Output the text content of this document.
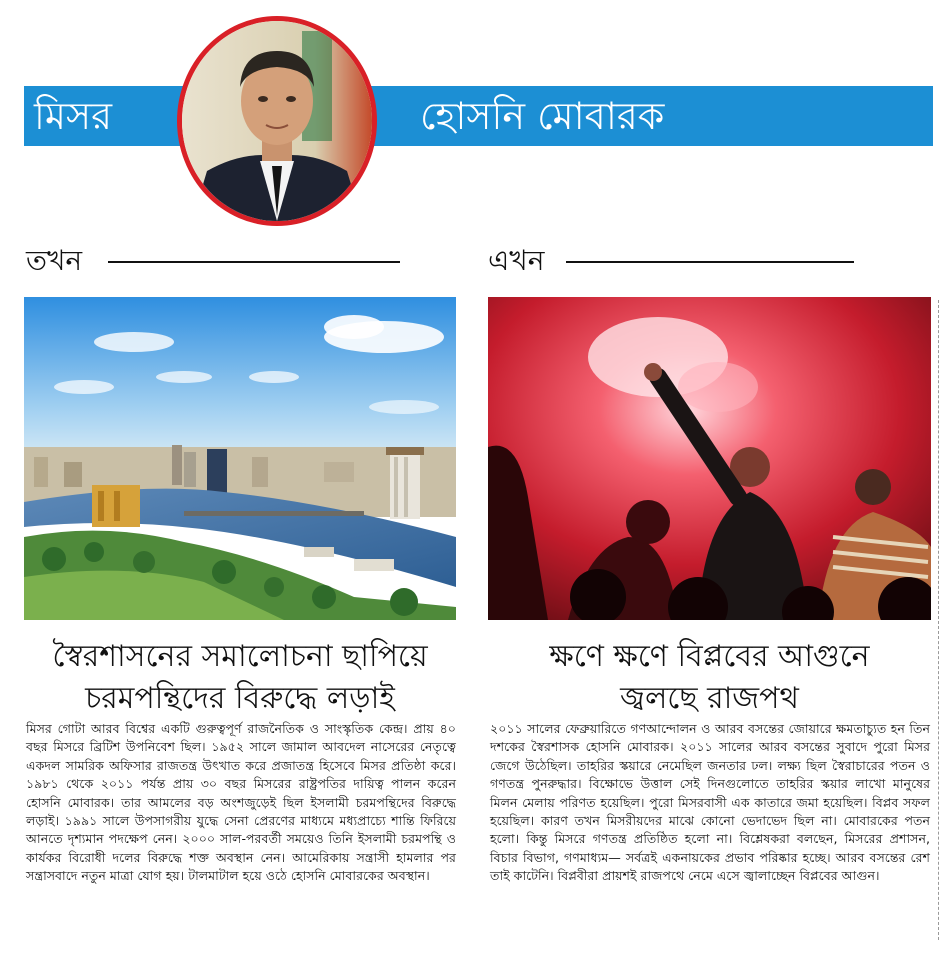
মিসর	হোসনি মোবারক
তখন	এখন
স্বৈরশাসনের সমালোচনা ছাপিয়ে
চরমপন্থিদের বিরুদ্ধে লড়াই
ক্ষণে ক্ষণে বিপ্লবের আগুনে
জ্বলছে রাজপথ
মিসর গোটা আরব বিশ্বের একটি গুরুত্বপূর্ণ রাজনৈতিক ও সাংস্কৃতিক কেন্দ্র। প্রায় ৪০ বছর মিসরে ব্রিটিশ উপনিবেশ ছিল। ১৯৫২ সালে জামাল আবদেল নাসেরের নেতৃত্বে একদল সামরিক অফিসার রাজতন্ত্র উৎখাত করে প্রজাতন্ত্র হিসেবে মিসর প্রতিষ্ঠা করে। ১৯৮১ থেকে ২০১১ পর্যন্ত প্রায় ৩০ বছর মিসরের রাষ্ট্রপতির দায়িত্ব পালন করেন হোসনি মোবারক। তার আমলের বড় অংশজুড়েই ছিল ইসলামী চরমপন্থিদের বিরুদ্ধে লড়াই। ১৯৯১ সালে উপসাগরীয় যুদ্ধে সেনা প্রেরণের মাধ্যমে মধ্যপ্রাচ্যে শান্তি ফিরিয়ে আনতে দৃশ্যমান পদক্ষেপ নেন। ২০০০ সাল-পরবর্তী সময়েও তিনি ইসলামী চরমপন্থি ও কার্যকর বিরোধী দলের বিরুদ্ধে শক্ত অবস্থান নেন। আমেরিকায় সন্ত্রাসী হামলার পর সন্ত্রাসবাদে নতুন মাত্রা যোগ হয়। টালমাটাল হয়ে ওঠে হোসনি মোবারকের অবস্থান।
২০১১ সালের ফেব্রুয়ারিতে গণআন্দোলন ও আরব বসন্তের জোয়ারে ক্ষমতাচ্যুত হন তিন দশকের স্বৈরশাসক হোসনি মোবারক। ২০১১ সালের আরব বসন্তের সুবাদে পুরো মিসর জেগে উঠেছিল। তাহরির স্কয়ারে নেমেছিল জনতার ঢল। লক্ষ্য ছিল স্বৈরাচারের পতন ও গণতন্ত্র পুনরুদ্ধার। বিক্ষোভে উত্তাল সেই দিনগুলোতে তাহরির স্কয়ার লাখো মানুষের মিলন মেলায় পরিণত হয়েছিল। পুরো মিসরবাসী এক কাতারে জমা হয়েছিল। বিপ্লব সফল হয়েছিল। কারণ তখন মিসরীয়দের মাঝে কোনো ভেদাভেদ ছিল না। মোবারকের পতন হলো। কিন্তু মিসরে গণতন্ত্র প্রতিষ্ঠিত হলো না। বিশ্লেষকরা বলছেন, মিসরের প্রশাসন, বিচার বিভাগ, গণমাধ্যম— সর্বত্রই একনায়কের প্রভাব পরিষ্কার হচ্ছে। আরব বসন্তের রেশ তাই কাটেনি। বিপ্লবীরা প্রায়শই রাজপথে নেমে এসে জ্বালাচ্ছেন বিপ্লবের আগুন।
